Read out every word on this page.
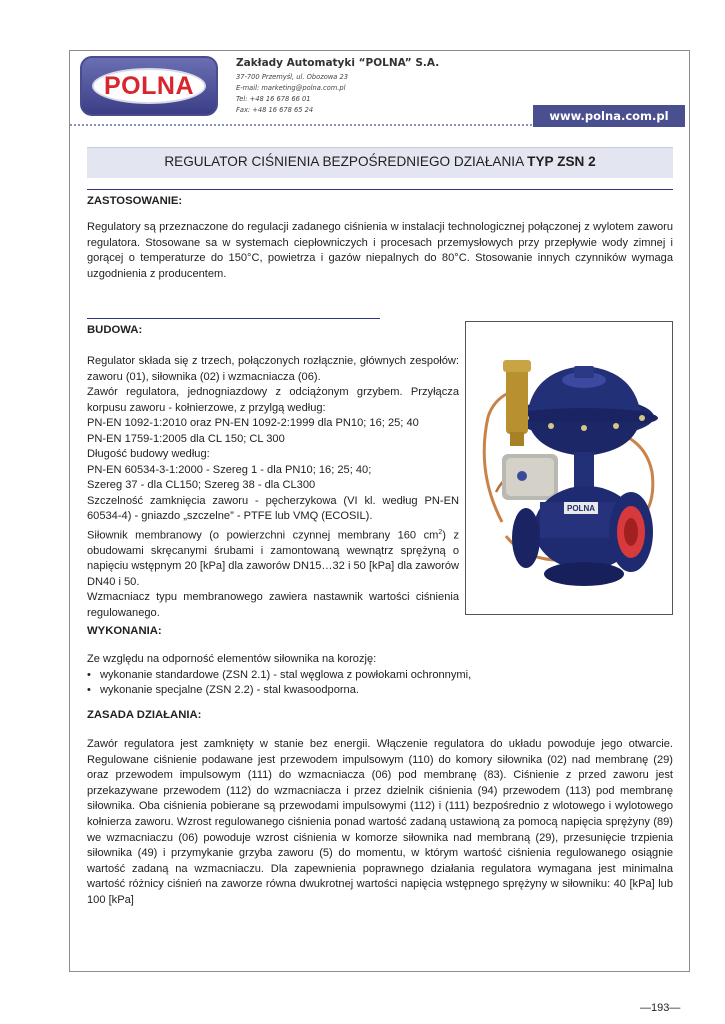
POLNA
Zakłady Automatyki “POLNA” S.A.
37-700 Przemyśl, ul. Obozowa 23
E-mail: marketing@polna.com.pl
Tel: +48 16 678 66 01
Fax: +48 16 678 65 24	www.polna.com.pl
REGULATOR CIŚNIENIA BEZPOŚREDNIEGO DZIAŁANIA TYP ZSN 2
ZASTOSOWANIE:
Regulatory są przeznaczone do regulacji zadanego ciśnienia w instalacji technologicznej połączonej z wylotem zaworu regulatora. Stosowane sa w systemach ciepłowniczych i procesach przemysłowych przy przepływie wody zimnej i gorącej o temperaturze do 150°C, powietrza i gazów niepalnych do 80°C. Stosowanie innych czynników wymaga uzgodnienia z producentem.
BUDOWA:
Regulator składa się z trzech, połączonych rozłącznie, głównych zespołów: zaworu (01), siłownika (02) i wzmacniacza (06).
Zawór regulatora, jednogniazdowy z odciążonym grzybem. Przyłącza korpusu zaworu - kołnierzowe, z przylgą według:
PN-EN 1092-1:2010 oraz PN-EN 1092-2:1999 dla PN10; 16; 25; 40
PN-EN 1759-1:2005 dla CL 150; CL 300
Długość budowy według:
PN-EN 60534-3-1:2000 - Szereg 1 - dla PN10; 16; 25; 40;
Szereg 37 - dla CL150; Szereg 38 - dla CL300
Szczelność zamknięcia zaworu - pęcherzykowa (VI kl. według PN-EN 60534-4) - gniazdo „szczelne” - PTFE lub VMQ (ECOSIL).
Siłownik membranowy (o powierzchni czynnej membrany 160 $cm^2$) z obudowami skręcanymi śrubami i zamontowaną wewnątrz sprężyną o napięciu wstępnym 20 [kPa] dla zaworów DN15…32 i 50 [kPa] dla zaworów DN40 i 50.
Wzmacniacz typu membranowego zawiera nastawnik wartości ciśnienia regulowanego.
POLNA
WYKONANIA:
Ze względu na odporność elementów siłownika na korozję:
• wykonanie standardowe (ZSN 2.1) - stal węglowa z powłokami ochronnymi,
• wykonanie specjalne (ZSN 2.2) - stal kwasoodporna.
ZASADA DZIAŁANIA:
Zawór regulatora jest zamknięty w stanie bez energii. Włączenie regulatora do układu powoduje jego otwarcie. Regulowane ciśnienie podawane jest przewodem impulsowym (110) do komory siłownika (02) nad membranę (29) oraz przewodem impulsowym (111) do wzmacniacza (06) pod membranę (83). Ciśnienie z przed zaworu jest przekazywane przewodem (112) do wzmacniacza i przez dzielnik ciśnienia (94) przewodem (113) pod membranę siłownika. Oba ciśnienia pobierane są przewodami impulsowymi (112) i (111) bezpośrednio z wlotowego i wylotowego kołnierza zaworu. Wzrost regulowanego ciśnienia ponad wartość zadaną ustawioną za pomocą napięcia sprężyny (89) we wzmacniaczu (06) powoduje wzrost ciśnienia w komorze siłownika nad membraną (29), przesunięcie trzpienia siłownika (49) i przymykanie grzyba zaworu (5) do momentu, w którym wartość ciśnienia regulowanego osiągnie wartość zadaną na wzmacniaczu. Dla zapewnienia poprawnego działania regulatora wymagana jest minimalna wartość różnicy ciśnień na zaworze równa dwukrotnej wartości napięcia wstępnego sprężyny w siłowniku: 40 [kPa] lub 100 [kPa]
—193—
